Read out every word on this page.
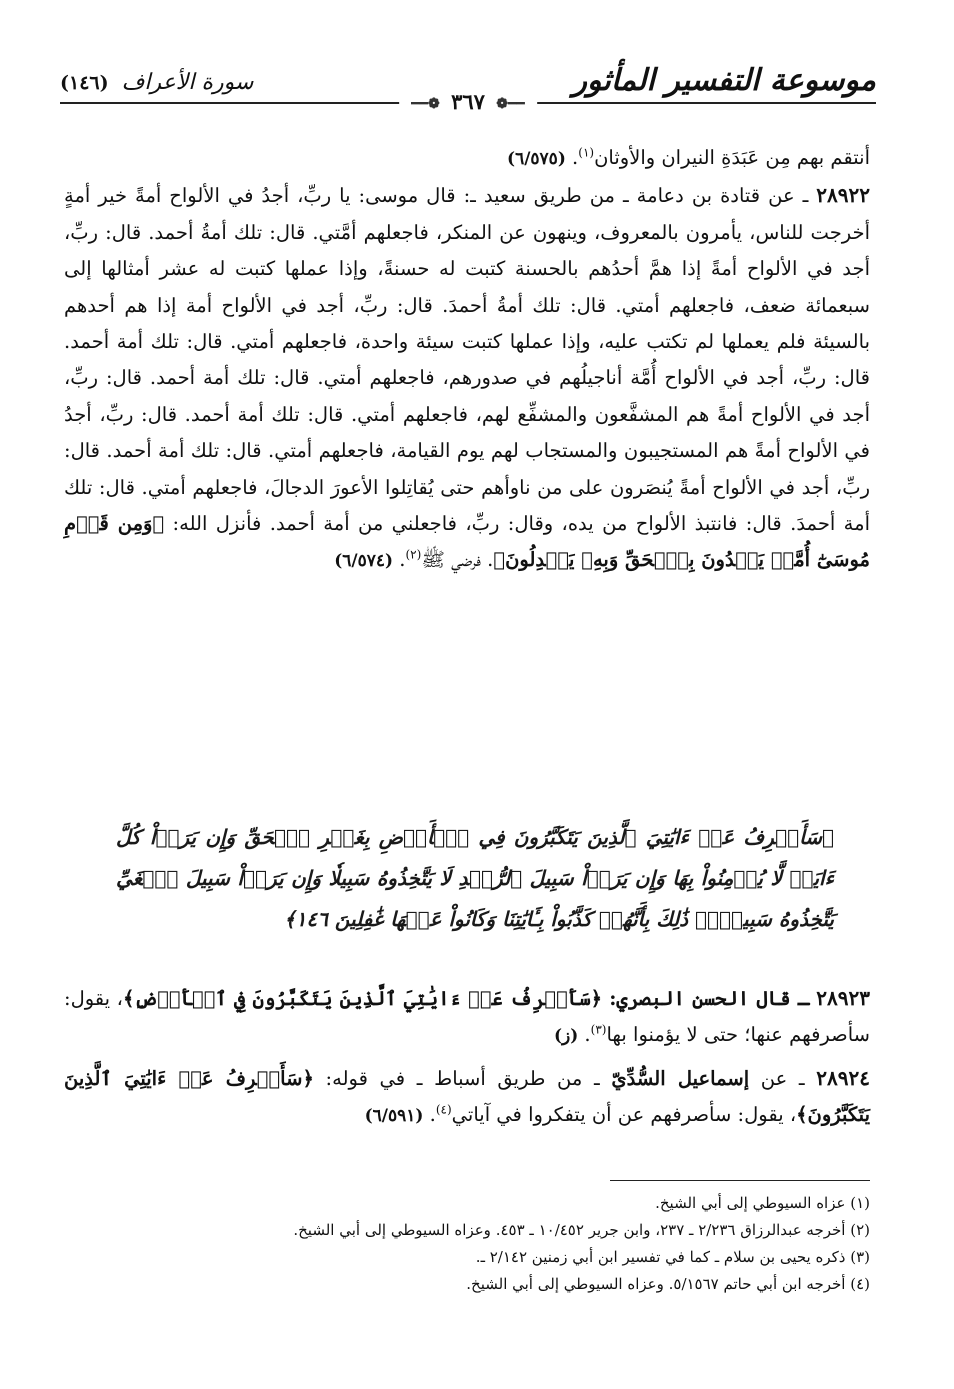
موسوعة التفسير المأثور
سورة الأعراف (١٤٦)
━━❁ ٣٦٧ ❁━━

أنتقم بهم مِن عَبَدَةِ النيران والأوثان$^{(١)}$. (٦/٥٧٥)

٢٨٩٢٢ ـ عن قتادة بن دعامة ـ من طريق سعيد ـ: قال موسى: يا ربِّ، أجدُ في الألواح أمةً خير أمةٍ أخرجت للناس، يأمرون بالمعروف، وينهون عن المنكر، فاجعلهم أمَّتي. قال: تلك أمةُ أحمد. قال: ربِّ، أجد في الألواح أمةً إذا همَّ أحدُهم بالحسنة كتبت له حسنةً، وإذا عملها كتبت له عشر أمثالها إلى سبعمائة ضعف، فاجعلهم أمتي. قال: تلك أمةُ أحمدَ. قال: ربِّ، أجد في الألواح أمة إذا هم أحدهم بالسيئة فلم يعملها لم تكتب عليه، وإذا عملها كتبت سيئة واحدة، فاجعلهم أمتي. قال: تلك أمة أحمد. قال: ربِّ، أجد في الألواح أُمَّة أناجيلُهم في صدورهم، فاجعلهم أمتي. قال: تلك أمة أحمد. قال: ربِّ، أجد في الألواح أمةً هم المشفَّعون والمشفِّع لهم، فاجعلهم أمتي. قال: تلك أمة أحمد. قال: ربِّ، أجدُ في الألواح أمةً هم المستجيبون والمستجاب لهم يوم القيامة، فاجعلهم أمتي. قال: تلك أمة أحمد. قال: ربِّ، أجد في الألواح أمةً يُنصَرون على من ناوأهم حتى يُقاتِلوا الأعورَ الدجالَ، فاجعلهم أمتي. قال: تلك أمة أحمدَ. قال: فانتبذ الألواح من يده، وقال: ربِّ، فاجعلني من أمة أحمد. فأنزل الله: ﴿وَمِن قَوۡمِ مُوسَىٰٓ أُمَّةٞ يَهۡدُونَ بِٱلۡحَقِّ وَبِهِۦ يَعۡدِلُونَ﴾. فرضي ﷺ$^{(٢)}$. (٦/٥٧٤)

﴿سَأَصۡرِفُ عَنۡ ءَايَٰتِيَ ٱلَّذِينَ يَتَكَبَّرُونَ فِي ٱلۡأَرۡضِ بِغَيۡرِ ٱلۡحَقِّ وَإِن يَرَوۡاْ كُلَّ ءَايَةٖ لَّا يُؤۡمِنُواْ بِهَا وَإِن يَرَوۡاْ سَبِيلَ ٱلرُّشۡدِ لَا يَتَّخِذُوهُ سَبِيلٗا وَإِن يَرَوۡاْ سَبِيلَ ٱلۡغَيِّ يَتَّخِذُوهُ سَبِيلٗاۚ ذَٰلِكَ بِأَنَّهُمۡ كَذَّبُواْ بِـَٔايَٰتِنَا وَكَانُواْ عَنۡهَا غَٰفِلِينَ ١٤٦﴾

٢٨٩٢٣ ـ قال الحسن البصري: ﴿سَأَصۡرِفُ عَنۡ ءَايَٰتِيَ ٱلَّذِينَ يَتَكَبَّرُونَ فِي ٱلۡأَرۡضِ﴾، يقول: سأصرفهم عنها؛ حتى لا يؤمنوا بها$^{(٣)}$. (ز)

٢٨٩٢٤ ـ عن إسماعيل السُّدِّيّ ـ من طريق أسباط ـ في قوله: ﴿سَأَصۡرِفُ عَنۡ ءَايَٰتِيَ ٱلَّذِينَ يَتَكَبَّرُونَ﴾، يقول: سأصرفهم عن أن يتفكروا في آياتي$^{(٤)}$. (٦/٥٩١)

(١) عزاه السيوطي إلى أبي الشيخ.
(٢) أخرجه عبدالرزاق ٢/٢٣٦ ـ ٢٣٧، وابن جرير ١٠/٤٥٢ ـ ٤٥٣. وعزاه السيوطي إلى أبي الشيخ.
(٣) ذكره يحيى بن سلام ـ كما في تفسير ابن أبي زمنين ٢/١٤٢ ـ.
(٤) أخرجه ابن أبي حاتم ٥/١٥٦٧. وعزاه السيوطي إلى أبي الشيخ.
